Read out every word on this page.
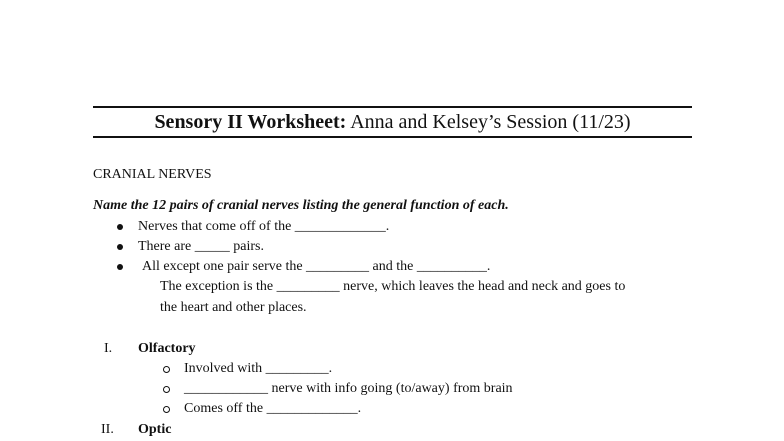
Sensory II Worksheet: Anna and Kelsey’s Session (11/23)
CRANIAL NERVES
Name the 12 pairs of cranial nerves listing the general function of each.
Nerves that come off of the _____________.
There are _____ pairs.
All except one pair serve the _________ and the __________.
The exception is the _________ nerve, which leaves the head and neck and goes to
the heart and other places.
I. Olfactory
Involved with _________.
____________ nerve with info going (to/away) from brain
Comes off the _____________.
II. Optic
